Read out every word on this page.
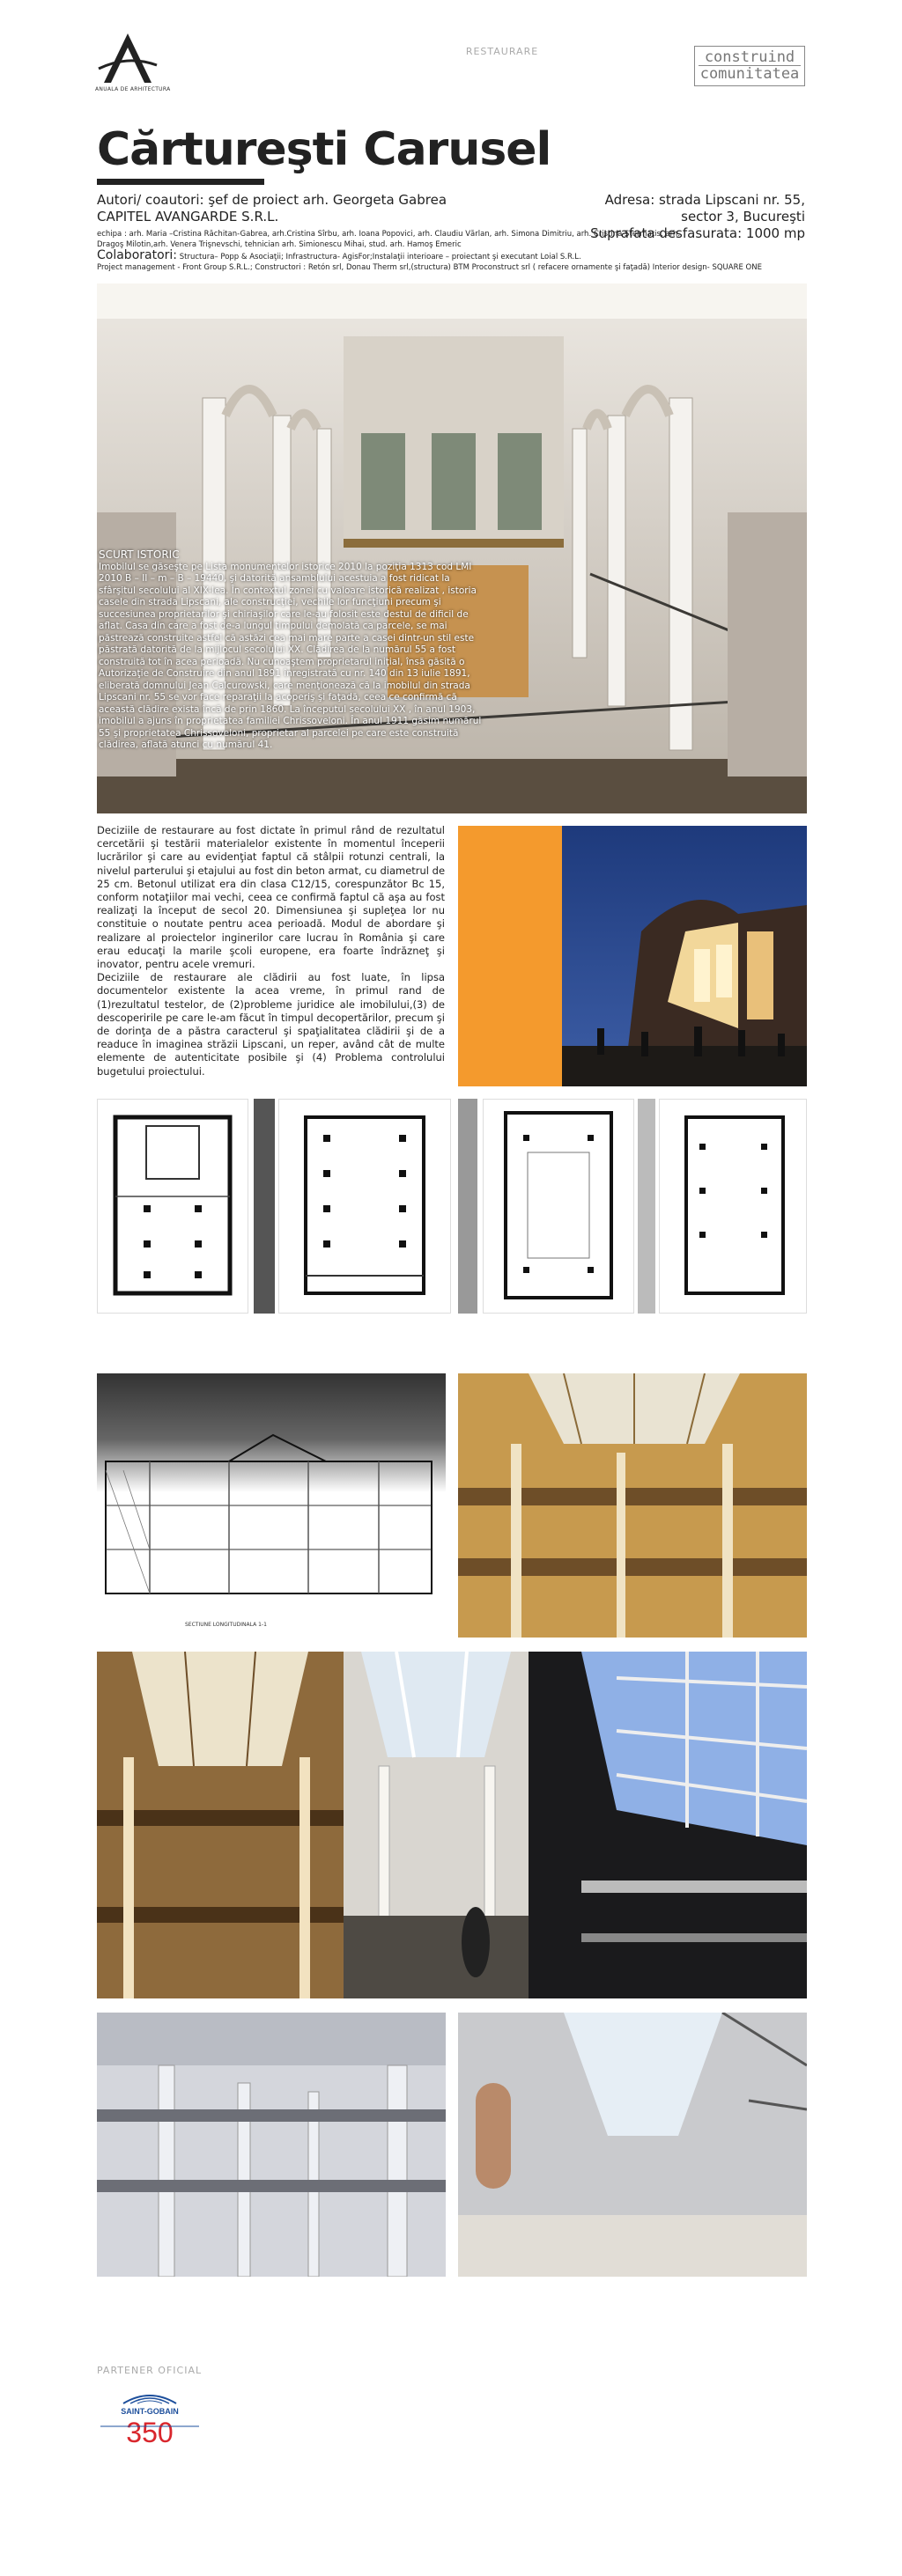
ANUALA DE ARHITECTURA
RESTAURARE	construind
comunitatea
Cărtureşti Carusel
Autori/ coautori: şef de proiect arh. Georgeta Gabrea
CAPITEL AVANGARDE S.R.L.
Adresa: strada Lipscani nr. 55,
sector 3, Bucureşti
Suprafata desfasurata: 1000 mp
echipa : arh. Maria –Cristina Răchitan-Gabrea, arh.Cristina Sîrbu, arh. Ioana Popovici, arh. Claudiu Vărlan, arh. Simona Dimitriu, arh. Cristina Stermatis, arh. Dragoş Milotin,arh. Venera Trişnevschi, tehnician arh. Simionescu Mihai, stud. arh. Hamoş Emeric
Colaboratori: Structura– Popp & Asociaţii; Infrastructura- AgisFor;Instalaţii interioare – proiectant şi executant Loial S.R.L.
Project management - Front Group S.R.L.; Constructori : Retón srl, Donau Therm srl,(structura) BTM Proconstruct srl ( refacere ornamente şi faţadă) Interior design- SQUARE ONE
SCURT ISTORIC
Imobilul se găseşte pe Lista monumentelor istorice 2010 la poziţia 1313 cod LMI 2010 B – II – m – B – 19440, şi datorită ansamblului acestuia a fost ridicat la sfârşitul secolului al XIX-lea. În contextul zonei cu valoare istorică realizat , istoria casele din strada Lipscani, ale construcţiei, vechile lor funcţiuni precum şi succesiunea proprietarilor şi chiriaşilor care le-au folosit este destul de dificil de aflat. Casa din care a fost de-a lungul timpului demolată ca parcele, se mai păstrează construite astfel că astăzi cea mai mare parte a casei dintr-un stil este păstrată datorită de la mijlocul secolului XX. Clădirea de la numărul 55 a fost construită tot în acea perioadă. Nu cunoaştem proprietarul iniţial, însă găsită o Autorizaţie de Construire din anul 1891 înregistrată cu nr. 140 din 13 iulie 1891, eliberată domnului Jean Calcurowski, care menţionează că la imobilul din strada Lipscani nr. 55 se vor face reparaţii la acoperiş şi faţadă, ceea ce confirmă că această clădire exista încă de prin 1860. La începutul secolului XX , în anul 1903, imobilul a ajuns în proprietatea familiei Chrissoveloni. În anul 1911 găsim numărul 55 şi proprietatea Chrissoveloni, proprietar al parcelei pe care este construită clădirea, aflată atunci cu numărul 41.
Deciziile de restaurare au fost dictate în primul rând de rezultatul cercetării şi testării materialelor existente în momentul începerii lucrărilor şi care au evidenţiat faptul că stâlpii rotunzi centrali, la nivelul parterului şi etajului au fost din beton armat, cu diametrul de 25 cm. Betonul utilizat era din clasa C12/15, corespunzător Bc 15, conform notaţiilor mai vechi, ceea ce confirmă faptul că aşa au fost realizaţi la început de secol 20. Dimensiunea şi supleţea lor nu constituie o noutate pentru acea perioadă. Modul de abordare şi realizare al proiectelor inginerilor care lucrau în România şi care erau educaţi la marile şcoli europene, era foarte îndrăzneţ şi inovator, pentru acele vremuri.
Deciziile de restaurare ale clădirii au fost luate, în lipsa documentelor existente la acea vreme, în primul rand de (1)rezultatul testelor, de (2)probleme juridice ale imobilului,(3) de descoperirile pe care le-am făcut în timpul decopertărilor, precum şi de dorinţa de a păstra caracterul şi spaţialitatea clădirii şi de a readuce în imaginea străzii Lipscani, un reper, având cât de multe elemente de autenticitate posibile şi (4) Problema controlului bugetului proiectului.
SECTIUNE LONGITUDINALA 1-1
PARTENER OFICIAL
SAINT-GOBAIN
350
